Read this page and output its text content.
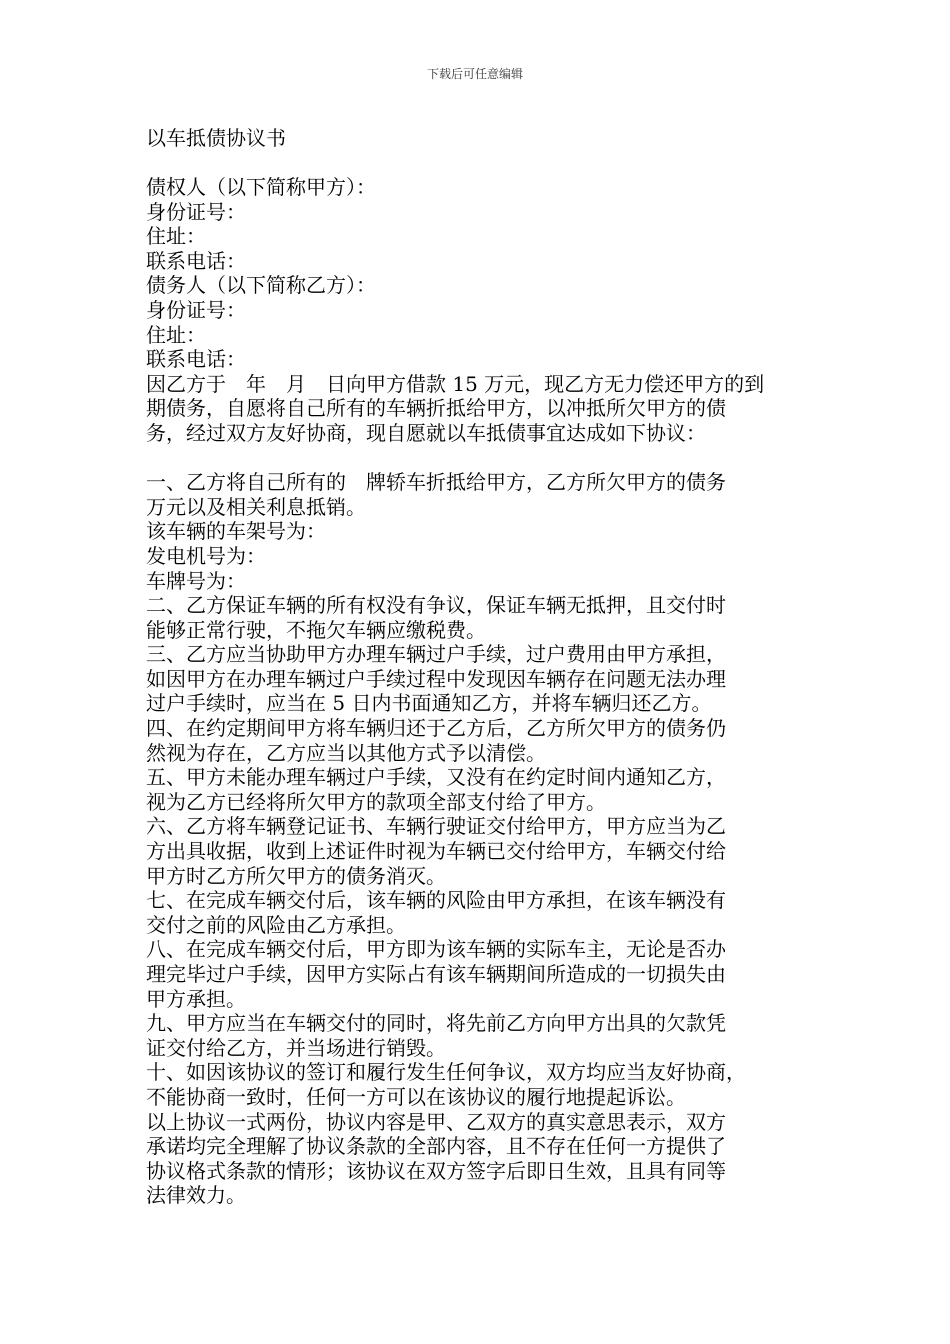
下载后可任意编辑
以车抵债协议书
债权人（以下简称甲方）：
身份证号：
住址：
联系电话：
债务人（以下简称乙方）：
身份证号：
住址：
联系电话：
因乙方于　年　月　日向甲方借款 15 万元，现乙方无力偿还甲方的到
期债务，自愿将自己所有的车辆折抵给甲方，以冲抵所欠甲方的债
务，经过双方友好协商，现自愿就以车抵债事宜达成如下协议：
一、乙方将自己所有的　牌轿车折抵给甲方，乙方所欠甲方的债务
万元以及相关利息抵销。
该车辆的车架号为：
发电机号为：
车牌号为：
二、乙方保证车辆的所有权没有争议，保证车辆无抵押，且交付时
能够正常行驶，不拖欠车辆应缴税费。
三、乙方应当协助甲方办理车辆过户手续，过户费用由甲方承担，
如因甲方在办理车辆过户手续过程中发现因车辆存在问题无法办理
过户手续时，应当在 5 日内书面通知乙方，并将车辆归还乙方。
四、在约定期间甲方将车辆归还于乙方后，乙方所欠甲方的债务仍
然视为存在，乙方应当以其他方式予以清偿。
五、甲方未能办理车辆过户手续，又没有在约定时间内通知乙方，
视为乙方已经将所欠甲方的款项全部支付给了甲方。
六、乙方将车辆登记证书、车辆行驶证交付给甲方，甲方应当为乙
方出具收据，收到上述证件时视为车辆已交付给甲方，车辆交付给
甲方时乙方所欠甲方的债务消灭。
七、在完成车辆交付后，该车辆的风险由甲方承担，在该车辆没有
交付之前的风险由乙方承担。
八、在完成车辆交付后，甲方即为该车辆的实际车主，无论是否办
理完毕过户手续，因甲方实际占有该车辆期间所造成的一切损失由
甲方承担。
九、甲方应当在车辆交付的同时，将先前乙方向甲方出具的欠款凭
证交付给乙方，并当场进行销毁。
十、如因该协议的签订和履行发生任何争议，双方均应当友好协商，
不能协商一致时，任何一方可以在该协议的履行地提起诉讼。
以上协议一式两份，协议内容是甲、乙双方的真实意思表示，双方
承诺均完全理解了协议条款的全部内容，且不存在任何一方提供了
协议格式条款的情形；该协议在双方签字后即日生效，且具有同等
法律效力。
